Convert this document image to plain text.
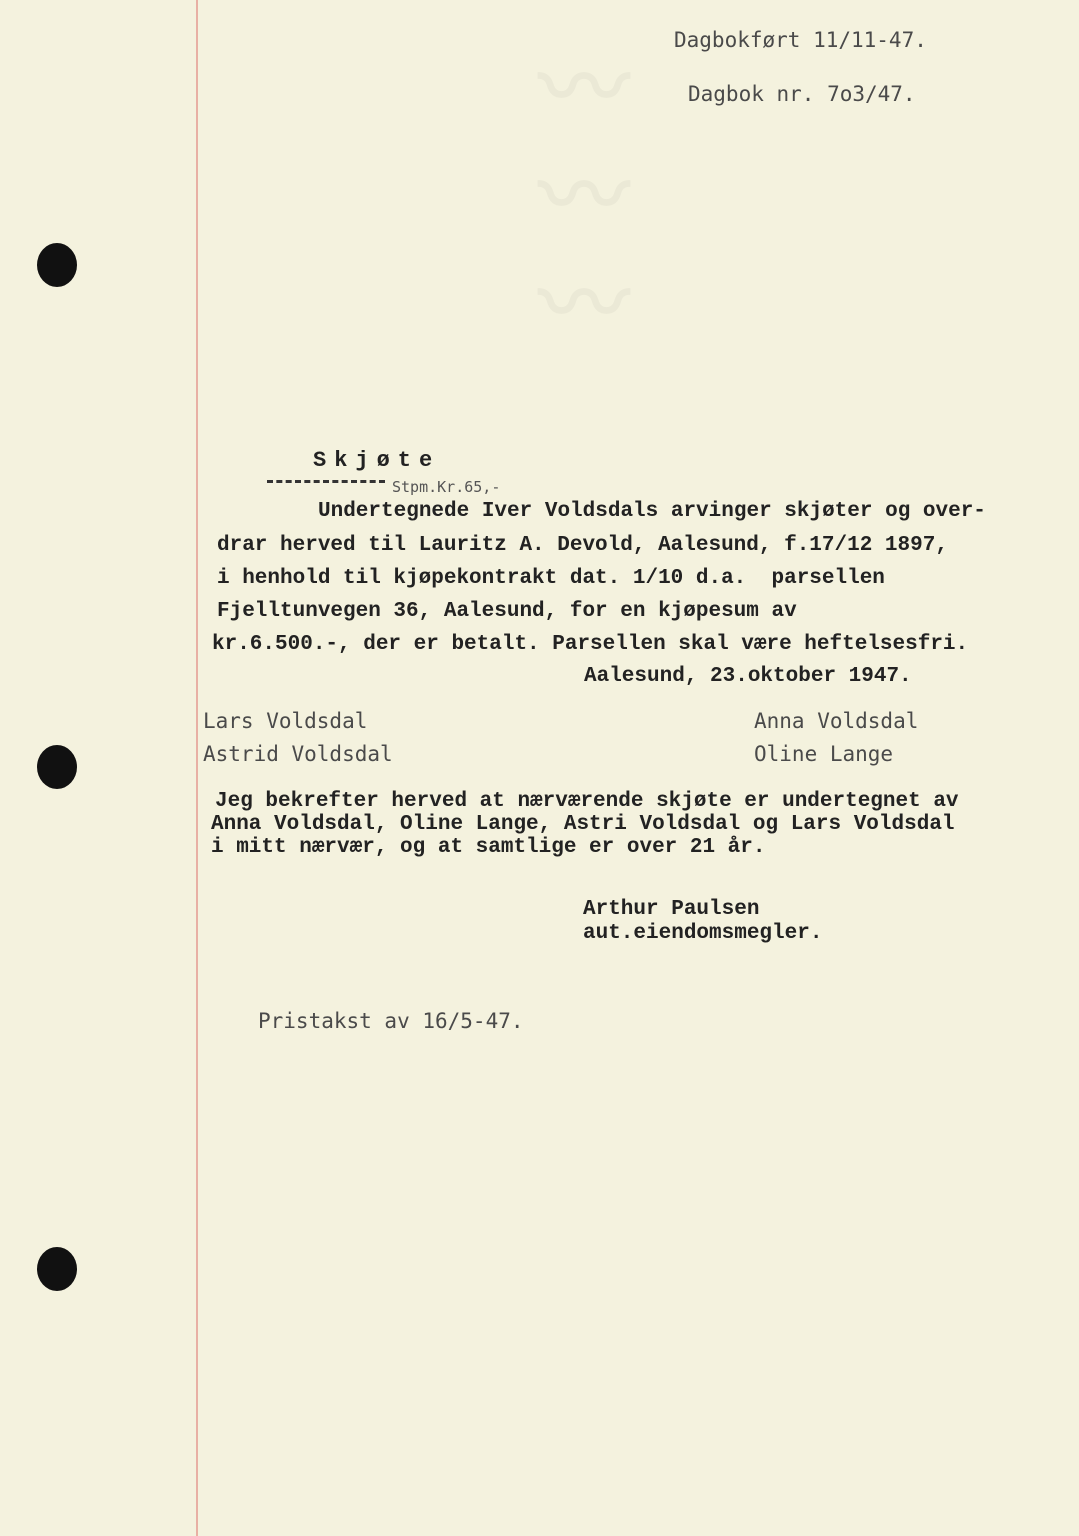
〰〰〰	Dagbokført 11/11-47.
Dagbok nr. 7o3/47.
Skjøte
Stpm.Kr.65,-
Undertegnede Iver Voldsdals arvinger skjøter og over-
drar herved til Lauritz A. Devold, Aalesund, f.17/12 1897,
i henhold til kjøpekontrakt dat. 1/10 d.a.  parsellen
Fjelltunvegen 36, Aalesund, for en kjøpesum av
kr.6.500.-, der er betalt. Parsellen skal være heftelsesfri.
Aalesund, 23.oktober 1947.
Lars Voldsdal
Astrid Voldsdal
Anna Voldsdal
Oline Lange
Jeg bekrefter herved at nærværende skjøte er undertegnet av
Anna Voldsdal, Oline Lange, Astri Voldsdal og Lars Voldsdal
i mitt nærvær, og at samtlige er over 21 år.
Arthur Paulsen
aut.eiendomsmegler.
Pristakst av 16/5-47.
